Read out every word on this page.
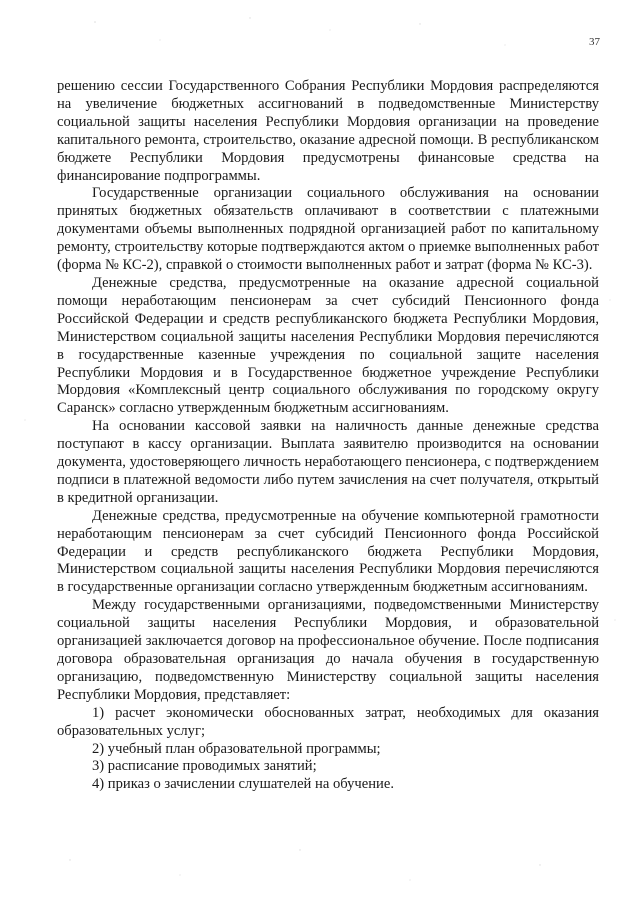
37

решению сессии Государственного Собрания Республики Мордовия распределяются на увеличение бюджетных ассигнований в подведомственные Министерству социальной защиты населения Республики Мордовия организации на проведение капитального ремонта, строительство, оказание адресной помощи. В республиканском бюджете Республики Мордовия предусмотрены финансовые средства на финансирование подпрограммы.

Государственные организации социального обслуживания на основании принятых бюджетных обязательств оплачивают в соответствии с платежными документами объемы выполненных подрядной организацией работ по капитальному ремонту, строительству которые подтверждаются актом о приемке выполненных работ (форма № КС-2), справкой о стоимости выполненных работ и затрат (форма № КС-3).

Денежные средства, предусмотренные на оказание адресной социальной помощи неработающим пенсионерам за счет субсидий Пенсионного фонда Российской Федерации и средств республиканского бюджета Республики Мордовия, Министерством социальной защиты населения Республики Мордовия перечисляются в государственные казенные учреждения по социальной защите населения Республики Мордовия и в Государственное бюджетное учреждение Республики Мордовия «Комплексный центр социального обслуживания по городскому округу Саранск» согласно утвержденным бюджетным ассигнованиям.

На основании кассовой заявки на наличность данные денежные средства поступают в кассу организации. Выплата заявителю производится на основании документа, удостоверяющего личность неработающего пенсионера, с подтверждением подписи в платежной ведомости либо путем зачисления на счет получателя, открытый в кредитной организации.

Денежные средства, предусмотренные на обучение компьютерной грамотности неработающим пенсионерам за счет субсидий Пенсионного фонда Российской Федерации и средств республиканского бюджета Республики Мордовия, Министерством социальной защиты населения Республики Мордовия перечисляются в государственные организации согласно утвержденным бюджетным ассигнованиям.

Между государственными организациями, подведомственными Министерству социальной защиты населения Республики Мордовия, и образовательной организацией заключается договор на профессиональное обучение. После подписания договора образовательная организация до начала обучения в государственную организацию, подведомственную Министерству социальной защиты населения Республики Мордовия, представляет:

1) расчет экономически обоснованных затрат, необходимых для оказания образовательных услуг;

2) учебный план образовательной программы;

3) расписание проводимых занятий;

4) приказ о зачислении слушателей на обучение.
